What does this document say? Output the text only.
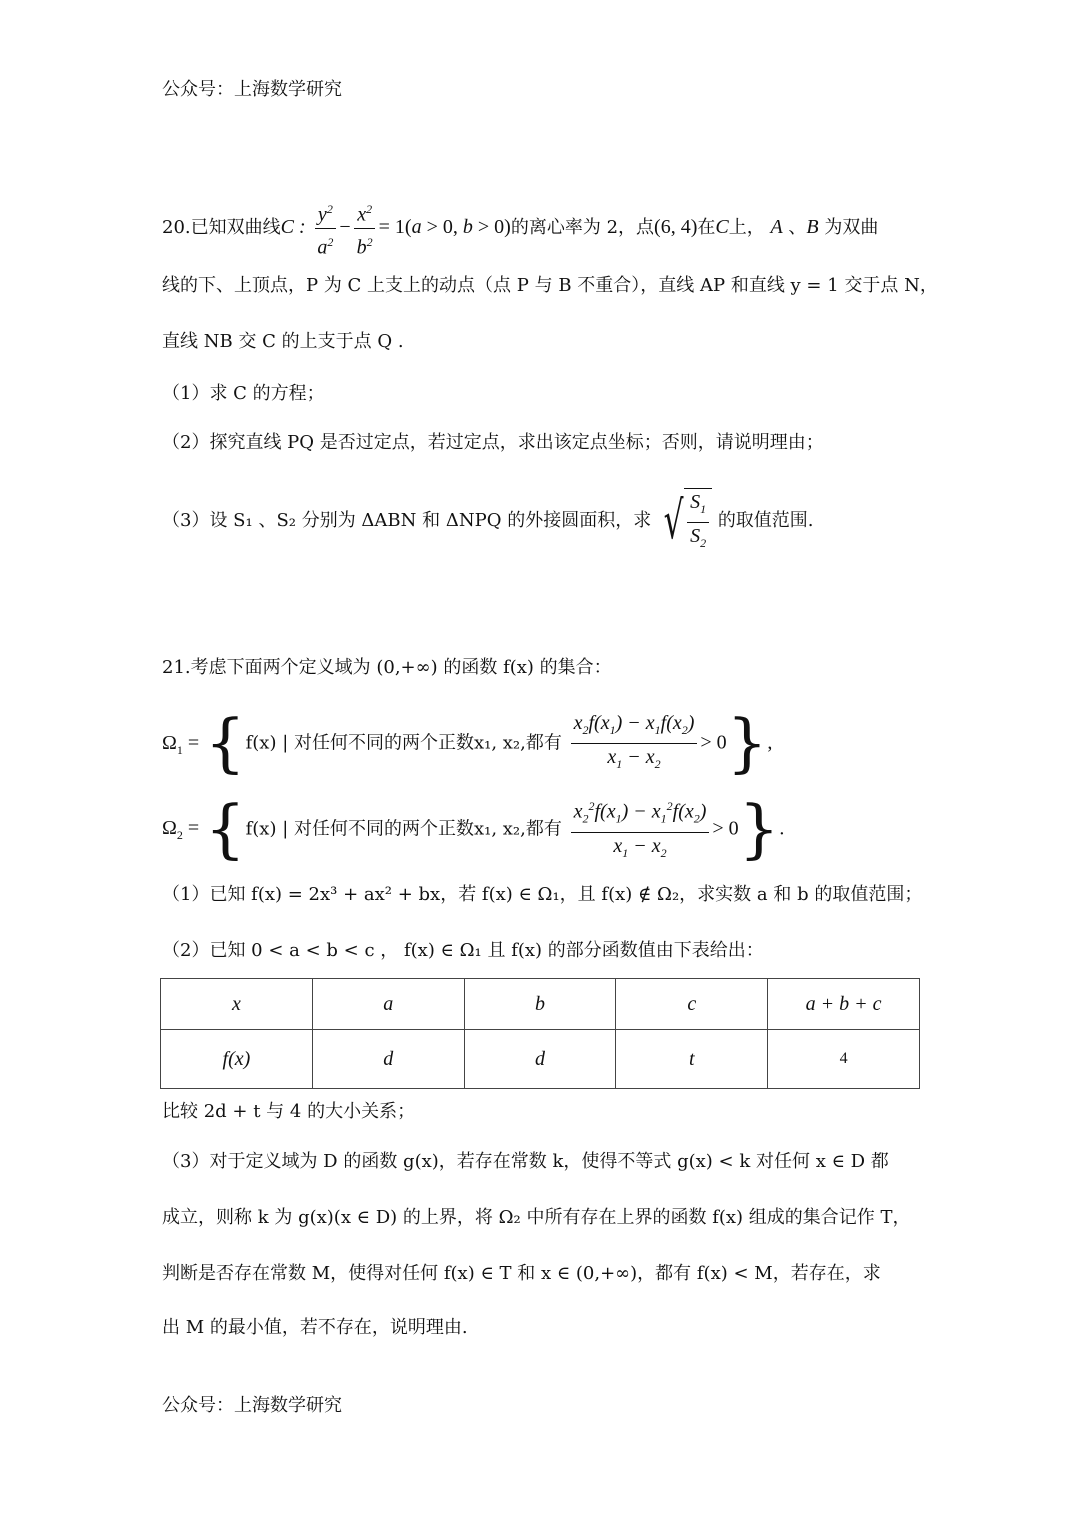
公众号：上海数学研究
20.已知双曲线C : $\frac{y^2}{a^2} - \frac{x^2}{b^2} = 1(a > 0$, b > 0)的离心率为 2，点(6, 4)在C上， A 、B 为双曲
线的下、上顶点，P 为 C 上支上的动点（点 P 与 B 不重合），直线 AP 和直线 y = 1 交于点 N，
直线 NB 交 C 的上支于点 Q .
（1）求 C 的方程；
（2）探究直线 PQ 是否过定点，若过定点，求出该定点坐标；否则，请说明理由；
（3）设 S₁ 、S₂ 分别为 ΔABN 和 ΔNPQ 的外接圆面积，求 √ $\frac{S_1}{S_2}$ 的取值范围.
21.考虑下面两个定义域为 (0,+∞) 的函数 f(x) 的集合：
$\Omega_1 = \{f(x)$ | 对任何不同的两个正数x₁, x₂,都有 $\frac{x_2f(x_1) - x_1f(x_2)}{x_1 - x_2} > 0$},
$\Omega_2 = \{f(x)$ | 对任何不同的两个正数x₁, x₂,都有 $\frac{x_2^2f(x_1) - x_1^2f(x_2)}{x_1 - x_2} > 0$}.
（1）已知 f(x) = 2x³ + ax² + bx，若 f(x) ∈ Ω₁，且 f(x) ∉ Ω₂，求实数 a 和 b 的取值范围；
（2）已知 0 < a < b < c ， f(x) ∈ Ω₁ 且 f(x) 的部分函数值由下表给出：
x	a	b	c	a + b + c
f(x)	d	d	t	4
比较 2d + t 与 4 的大小关系；
（3）对于定义域为 D 的函数 g(x)，若存在常数 k，使得不等式 g(x) < k 对任何 x ∈ D 都
成立，则称 k 为 g(x)(x ∈ D) 的上界，将 Ω₂ 中所有存在上界的函数 f(x) 组成的集合记作 T，
判断是否存在常数 M，使得对任何 f(x) ∈ T 和 x ∈ (0,+∞)，都有 f(x) < M，若存在，求
出 M 的最小值，若不存在，说明理由.
公众号：上海数学研究
